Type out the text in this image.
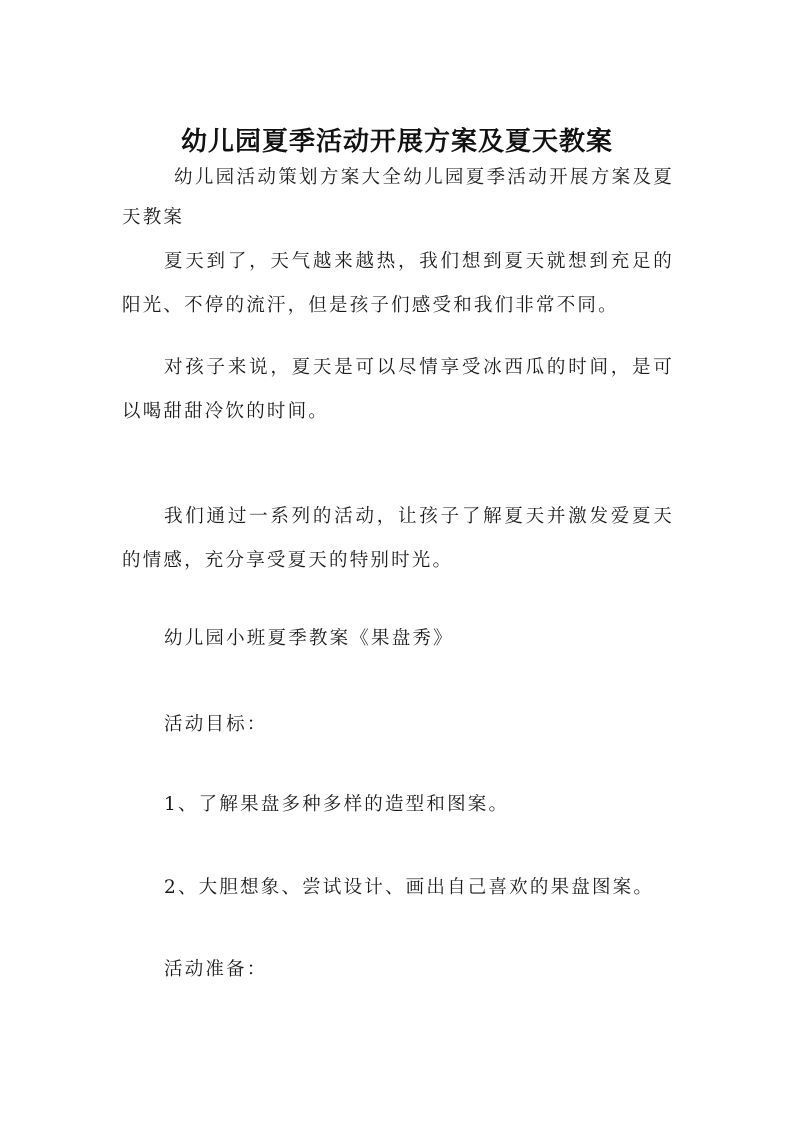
幼儿园夏季活动开展方案及夏天教案

幼儿园活动策划方案大全幼儿园夏季活动开展方案及夏天教案

夏天到了，天气越来越热，我们想到夏天就想到充足的阳光、不停的流汗，但是孩子们感受和我们非常不同。

对孩子来说，夏天是可以尽情享受冰西瓜的时间，是可以喝甜甜冷饮的时间。

我们通过一系列的活动，让孩子了解夏天并激发爱夏天的情感，充分享受夏天的特别时光。

幼儿园小班夏季教案《果盘秀》

活动目标：

1、了解果盘多种多样的造型和图案。

2、大胆想象、尝试设计、画出自己喜欢的果盘图案。

活动准备：
